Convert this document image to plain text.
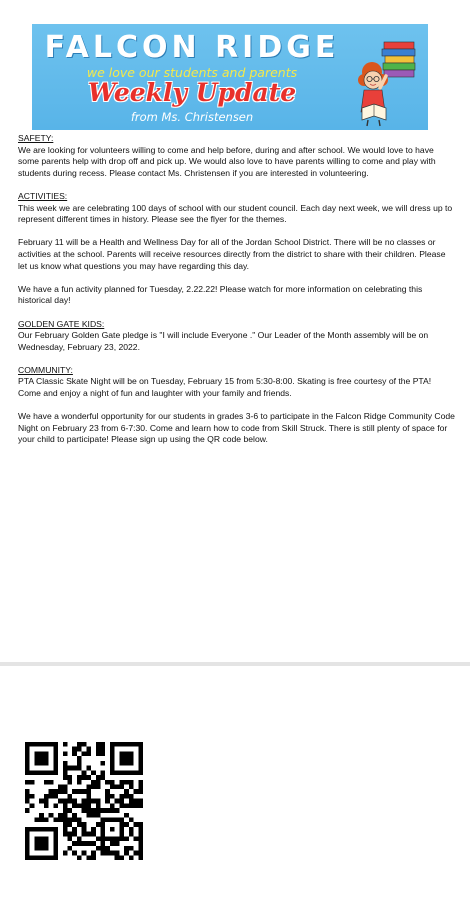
FALCON RIDGE
we love our students and parents
Weekly Update
from Ms. Christensen

SAFETY:

We are looking for volunteers willing to come and help before, during and after school. We would love to have some parents help with drop off and pick up. We would also love to have parents willing to come and play with students during recess. Please contact Ms. Christensen if you are interested in volunteering.

ACTIVITIES:

This week we are celebrating 100 days of school with our student council. Each day next week, we will dress up to represent different times in history. Please see the flyer for the themes.

February 11 will be a Health and Wellness Day for all of the Jordan School District. There will be no classes or activities at the school. Parents will receive resources directly from the district to share with their children. Please let us know what questions you may have regarding this day.

We have a fun activity planned for Tuesday, 2.22.22! Please watch for more information on celebrating this historical day!

GOLDEN GATE KIDS:

Our February Golden Gate pledge is "I will include Everyone ." Our Leader of the Month assembly will be on Wednesday, February 23, 2022.

COMMUNITY:

PTA Classic Skate Night will be on Tuesday, February 15 from 5:30-8:00. Skating is free courtesy of the PTA! Come and enjoy a night of fun and laughter with your family and friends.

We have a wonderful opportunity for our students in grades 3-6 to participate in the Falcon Ridge Community Code Night on February 23 from 6-7:30. Come and learn how to code from Skill Struck. There is still plenty of space for your child to participate! Please sign up using the QR code below.
